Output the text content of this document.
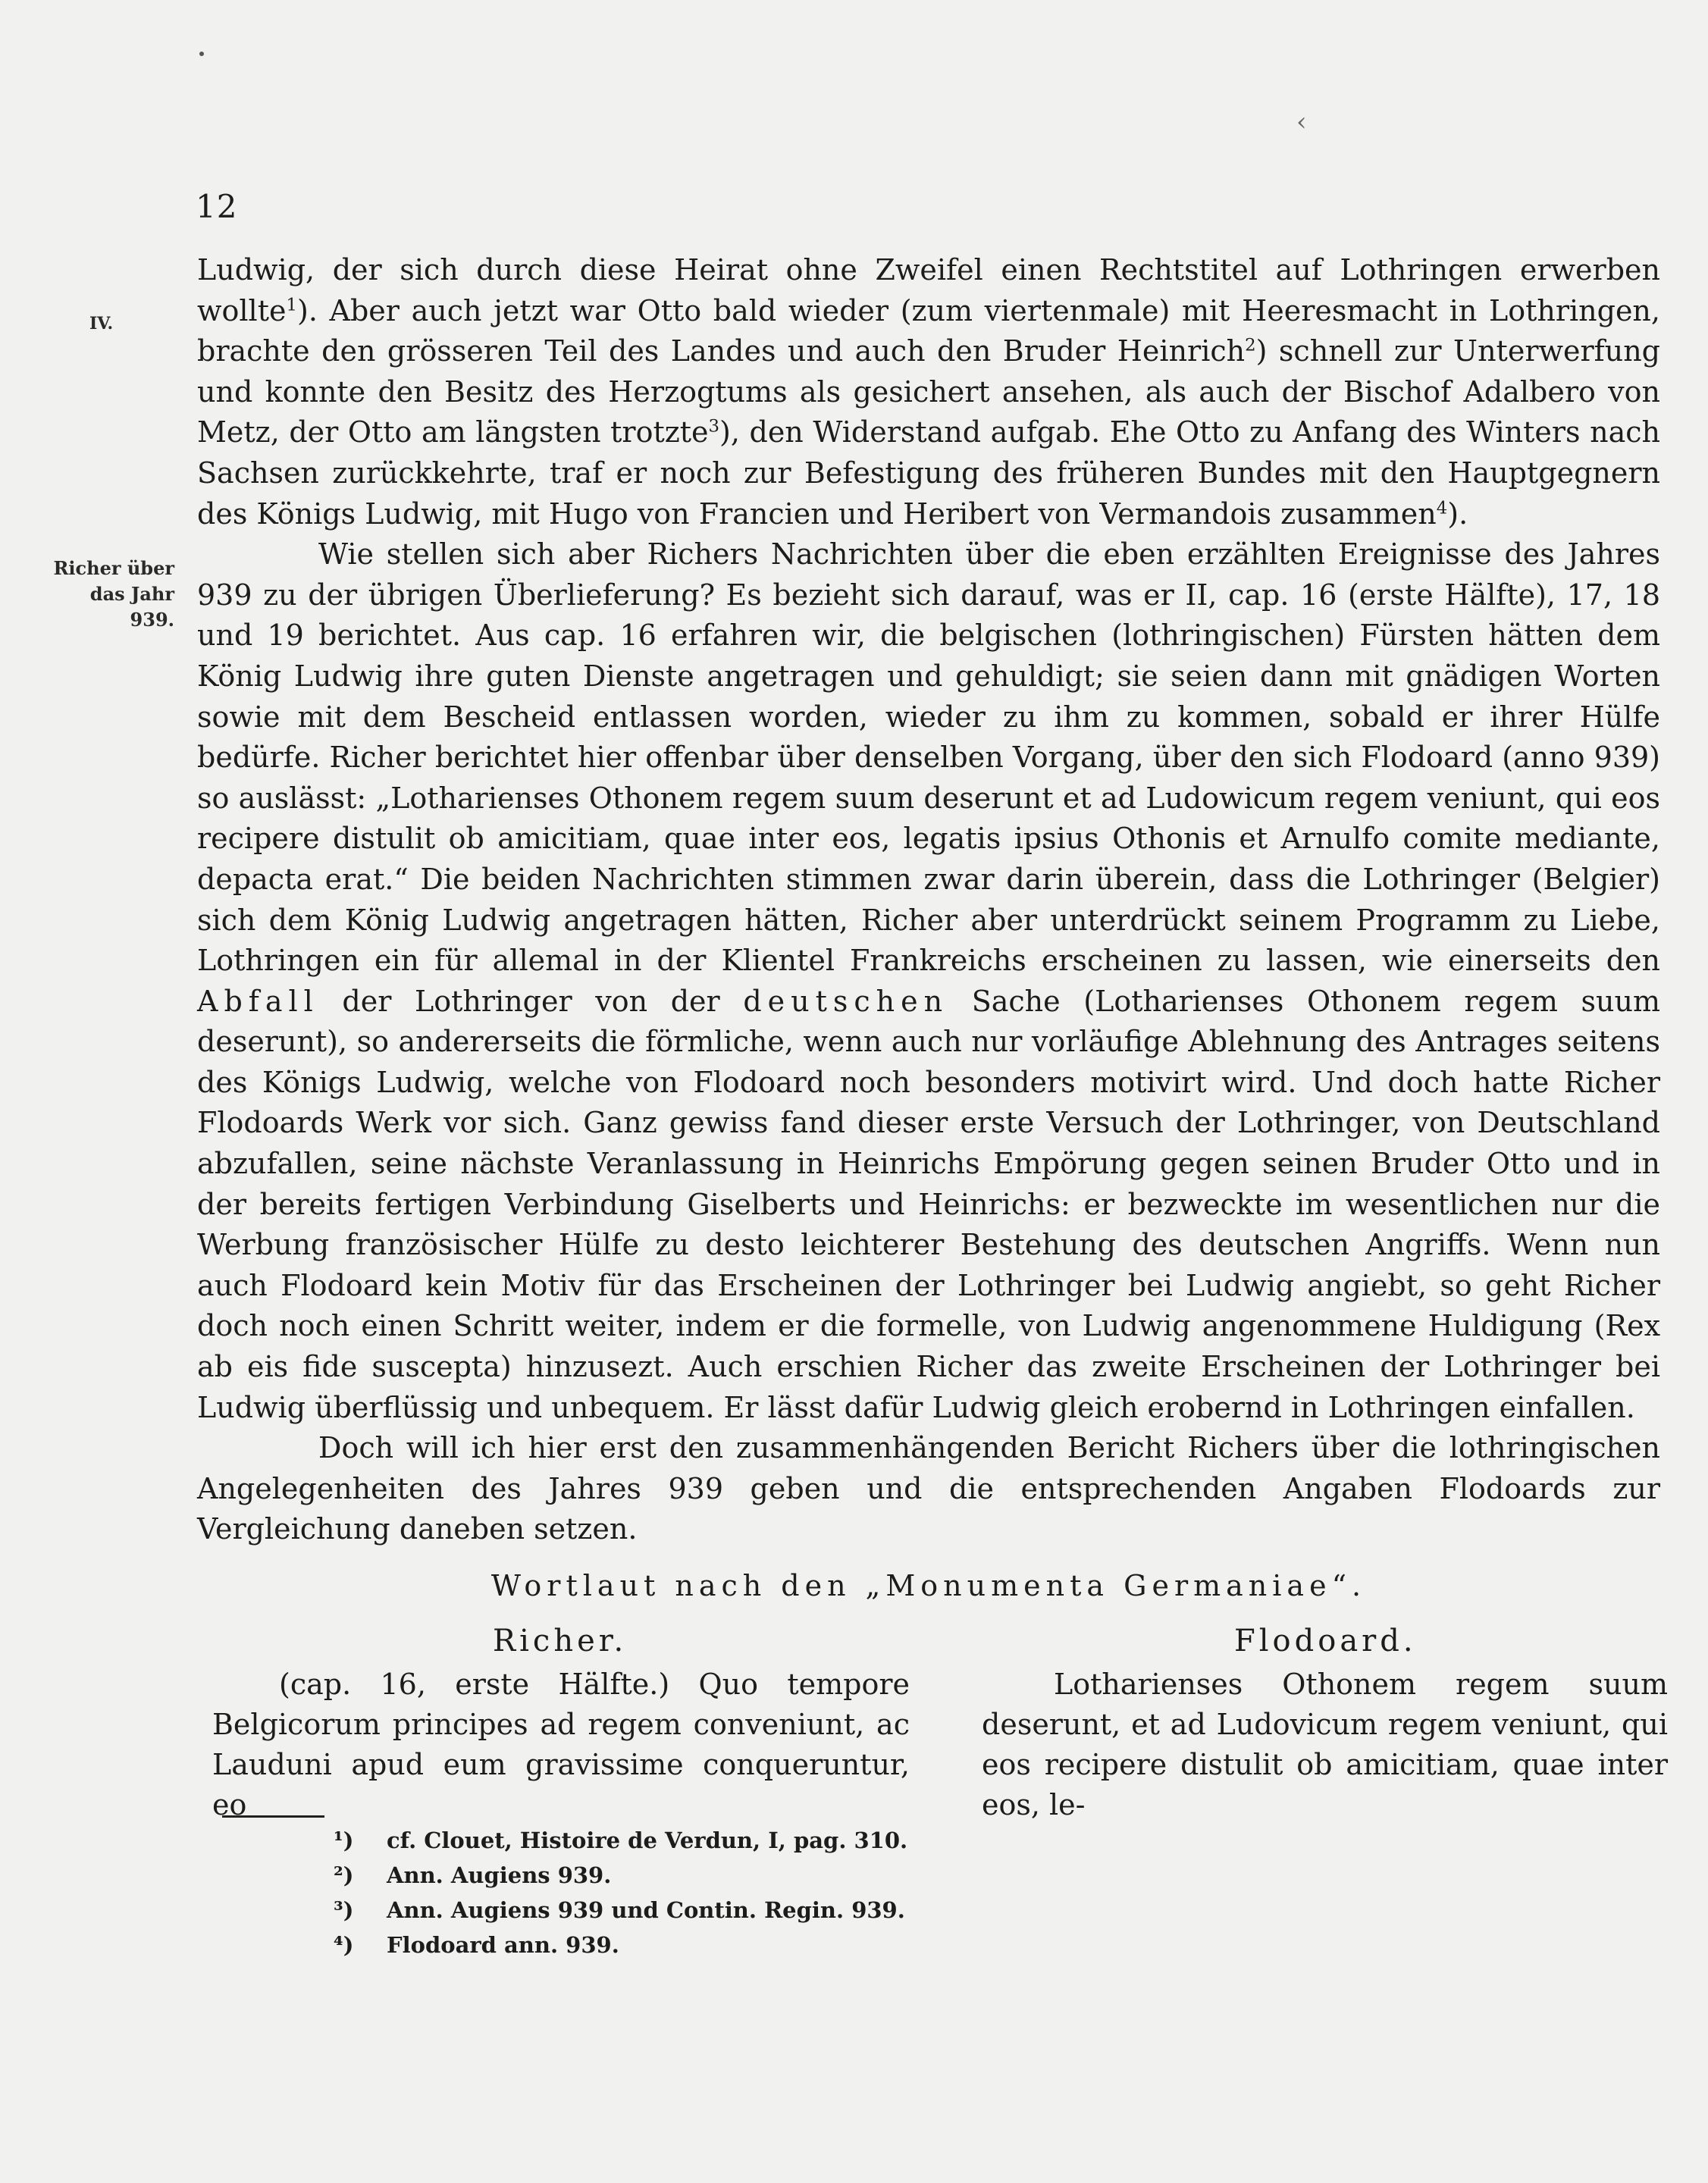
‹
12
IV.
Richer über
das Jahr 939.

Ludwig, der sich durch diese Heirat ohne Zweifel einen Rechtstitel auf Lothringen erwerben wollte$^1$). Aber auch jetzt war Otto bald wieder (zum viertenmale) mit Heeresmacht in Lothringen, brachte den grösseren Teil des Landes und auch den Bruder Heinrich$^2$) schnell zur Unterwerfung und konnte den Besitz des Herzogtums als gesichert ansehen, als auch der Bischof Adalbero von Metz, der Otto am längsten trotzte$^3$), den Widerstand aufgab. Ehe Otto zu Anfang des Winters nach Sachsen zurückkehrte, traf er noch zur Befestigung des früheren Bundes mit den Hauptgegnern des Königs Ludwig, mit Hugo von Francien und Heribert von Vermandois zusammen$^4$).

Wie stellen sich aber Richers Nachrichten über die eben erzählten Ereignisse des Jahres 939 zu der übrigen Überlieferung? Es bezieht sich darauf, was er II, cap. 16 (erste Hälfte), 17, 18 und 19 berichtet. Aus cap. 16 erfahren wir, die belgischen (lothringischen) Fürsten hätten dem König Ludwig ihre guten Dienste angetragen und gehuldigt; sie seien dann mit gnädigen Worten sowie mit dem Bescheid entlassen worden, wieder zu ihm zu kommen, sobald er ihrer Hülfe bedürfe. Richer berichtet hier offenbar über denselben Vorgang, über den sich Flodoard (anno 939) so auslässt: „Lotharienses Othonem regem suum deserunt et ad Ludowicum regem veniunt, qui eos recipere distulit ob amicitiam, quae inter eos, legatis ipsius Othonis et Arnulfo comite mediante, depacta erat.“ Die beiden Nachrichten stimmen zwar darin überein, dass die Lothringer (Belgier) sich dem König Ludwig angetragen hätten, Richer aber unterdrückt seinem Programm zu Liebe, Lothringen ein für allemal in der Klientel Frankreichs erscheinen zu lassen, wie einerseits den Abfall der Lothringer von der deutschen Sache (Lotharienses Othonem regem suum deserunt), so andererseits die förmliche, wenn auch nur vorläufige Ablehnung des Antrages seitens des Königs Ludwig, welche von Flodoard noch besonders motivirt wird. Und doch hatte Richer Flodoards Werk vor sich. Ganz gewiss fand dieser erste Versuch der Lothringer, von Deutschland abzufallen, seine nächste Veranlassung in Heinrichs Empörung gegen seinen Bruder Otto und in der bereits fertigen Verbindung Giselberts und Heinrichs: er bezweckte im wesentlichen nur die Werbung französischer Hülfe zu desto leichterer Bestehung des deutschen Angriffs. Wenn nun auch Flodoard kein Motiv für das Erscheinen der Lothringer bei Ludwig angiebt, so geht Richer doch noch einen Schritt weiter, indem er die formelle, von Ludwig angenommene Huldigung (Rex ab eis fide suscepta) hinzusezt. Auch erschien Richer das zweite Erscheinen der Lothringer bei Ludwig überflüssig und unbequem. Er lässt dafür Ludwig gleich erobernd in Lothringen einfallen.

Doch will ich hier erst den zusammenhängenden Bericht Richers über die lothringischen Angelegenheiten des Jahres 939 geben und die entsprechenden Angaben Flodoards zur Vergleichung daneben setzen.

Wortlaut nach den „Monumenta Germaniae“.
Richer.	Flodoard.
(cap. 16, erste Hälfte.) Quo tempore Belgicorum principes ad regem conveniunt, ac Lauduni apud eum gravissime conqueruntur, eo
Lotharienses Othonem regem suum deserunt, et ad Ludovicum regem veniunt, qui eos recipere distulit ob amicitiam, quae inter eos, le-
¹) cf. Clouet, Histoire de Verdun, I, pag. 310.
²) Ann. Augiens 939.
³) Ann. Augiens 939 und Contin. Regin. 939.
⁴) Flodoard ann. 939.
